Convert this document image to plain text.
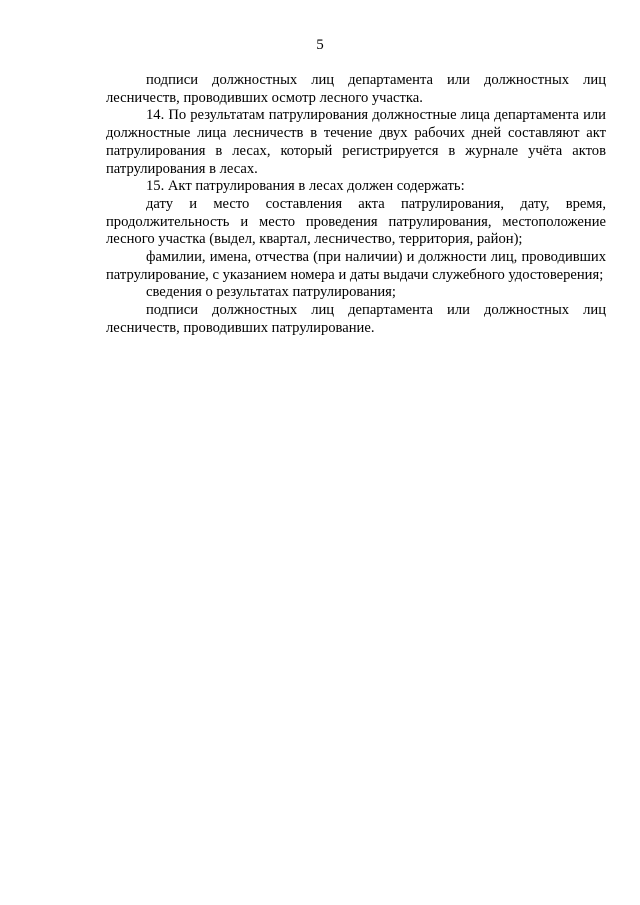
5

подписи должностных лиц департамента или должностных лиц лесничеств, проводивших осмотр лесного участка.

14. По результатам патрулирования должностные лица департамента или должностные лица лесничеств в течение двух рабочих дней составляют акт патрулирования в лесах, который регистрируется в журнале учёта актов патрулирования в лесах.

15. Акт патрулирования в лесах должен содержать:

дату и место составления акта патрулирования, дату, время, продолжительность и место проведения патрулирования, местоположение лесного участка (выдел, квартал, лесничество, территория, район);

фамилии, имена, отчества (при наличии) и должности лиц, проводивших патрулирование, с указанием номера и даты выдачи служебного удостоверения;

сведения о результатах патрулирования;

подписи должностных лиц департамента или должностных лиц лесничеств, проводивших патрулирование.
